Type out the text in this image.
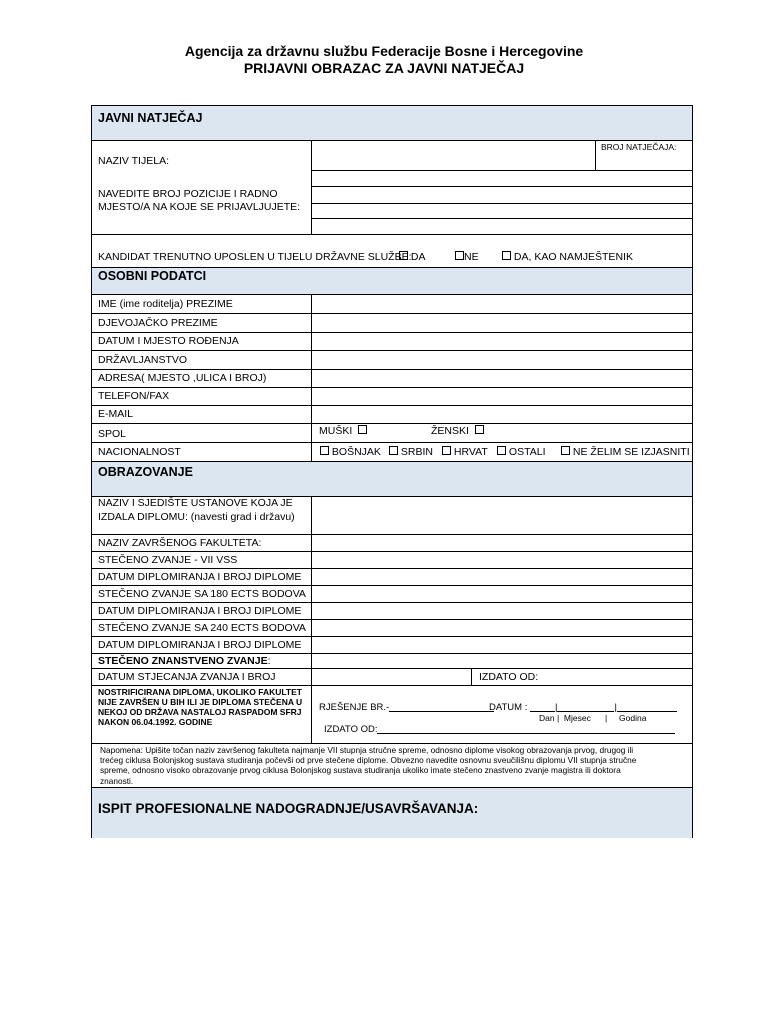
Agencija za državnu službu Federacije Bosne i Hercegovine
PRIJAVNI OBRAZAC ZA JAVNI NATJEČAJ
JAVNI NATJEČAJ
NAZIV TIJELA:
BROJ NATJEČAJA:
NAVEDITE BROJ POZICIJE I RADNO
MJESTO/A NA KOJE SE PRIJAVLJUJETE:
KANDIDAT TRENUTNO UPOSLEN U TIJELU DRŽAVNE SLUŽBE: DA	NE	DA, KAO NAMJEŠTENIK
OSOBNI PODATCI
IME (ime roditelja) PREZIME
DJEVOJAČKO PREZIME
DATUM I MJESTO ROĐENJA
DRŽAVLJANSTVO
ADRESA( MJESTO ,ULICA I BROJ)
TELEFON/FAX
E-MAIL
SPOL	MUŠKI	ŽENSKI
NACIONALNOST	BOŠNJAK	SRBIN	HRVAT	OSTALI	NE ŽELIM SE IZJASNITI
OBRAZOVANJE
NAZIV I SJEDIŠTE USTANOVE KOJA JE
IZDALA DIPLOMU: (navesti grad i državu)
NAZIV ZAVRŠENOG FAKULTETA:
STEČENO ZVANJE - VII VSS
DATUM DIPLOMIRANJA I BROJ DIPLOME
STEČENO ZVANJE SA 180 ECTS BODOVA
DATUM DIPLOMIRANJA I BROJ DIPLOME
STEČENO ZVANJE SA 240 ECTS BODOVA
DATUM DIPLOMIRANJA I BROJ DIPLOME
STEČENO ZNANSTVENO ZVANJE:
DATUM STJECANJA ZVANJA I BROJ	IZDATO OD:
NOSTRIFICIRANA DIPLOMA, UKOLIKO FAKULTET
NIJE ZAVRŠEN U BIH ILI JE DIPLOMA STEČENA U
NEKOJ OD DRŽAVA NASTALOJ RASPADOM SFRJ
NAKON 06.04.1992. GODINE
RJEŠENJE BR.-	DATUM :	|	|
Dan | Mjesec | Godina
IZDATO OD:
Napomena: Upišite točan naziv završenog fakulteta najmanje VII stupnja stručne spreme, odnosno diplome visokog obrazovanja prvog, drugog ili
trećeg ciklusa Bolonjskog sustava studiranja počevši od prve stečene diplome. Obvezno navedite osnovnu sveučilišnu diplomu VII stupnja stručne
spreme, odnosno visoko obrazovanje prvog ciklusa Bolonjskog sustava studiranja ukoliko imate stečeno znastveno zvanje magistra ili doktora
znanosti.
ISPIT PROFESIONALNE NADOGRADNJE/USAVRŠAVANJA:
